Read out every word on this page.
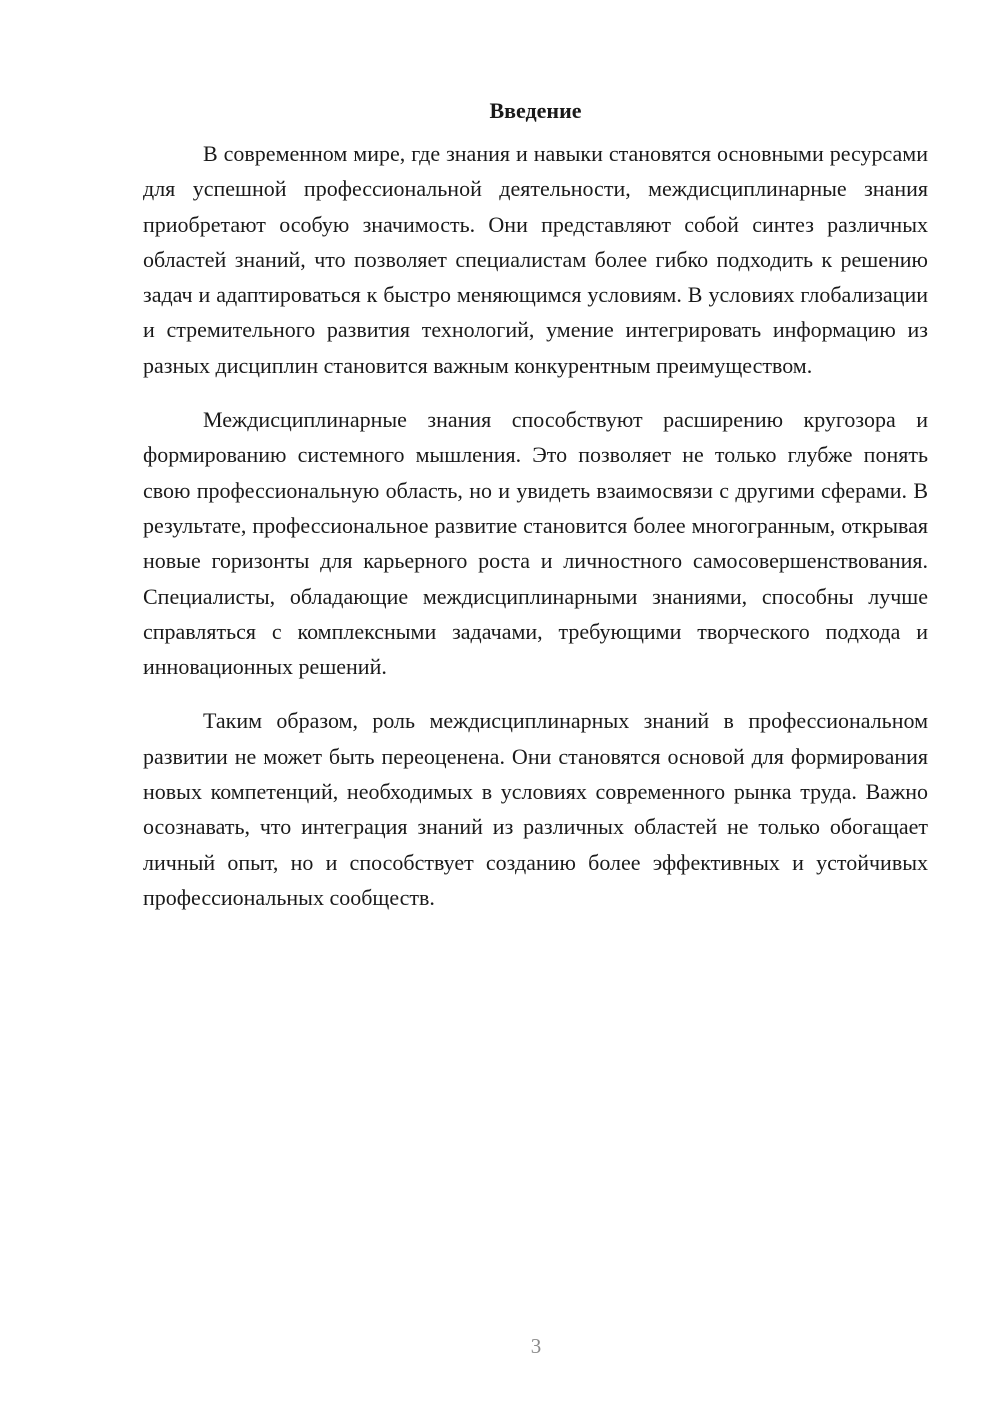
Введение

В современном мире, где знания и навыки становятся основными ресурсами для успешной профессиональной деятельности, междисциплинарные знания приобретают особую значимость. Они представляют собой синтез различных областей знаний, что позволяет специалистам более гибко подходить к решению задач и адаптироваться к быстро меняющимся условиям. В условиях глобализации и стремительного развития технологий, умение интегрировать информацию из разных дисциплин становится важным конкурентным преимуществом.

Междисциплинарные знания способствуют расширению кругозора и формированию системного мышления. Это позволяет не только глубже понять свою профессиональную область, но и увидеть взаимосвязи с другими сферами. В результате, профессиональное развитие становится более многогранным, открывая новые горизонты для карьерного роста и личностного самосовершенствования. Специалисты, обладающие междисциплинарными знаниями, способны лучше справляться с комплексными задачами, требующими творческого подхода и инновационных решений.

Таким образом, роль междисциплинарных знаний в профессиональном развитии не может быть переоценена. Они становятся основой для формирования новых компетенций, необходимых в условиях современного рынка труда. Важно осознавать, что интеграция знаний из различных областей не только обогащает личный опыт, но и способствует созданию более эффективных и устойчивых профессиональных сообществ.

3
